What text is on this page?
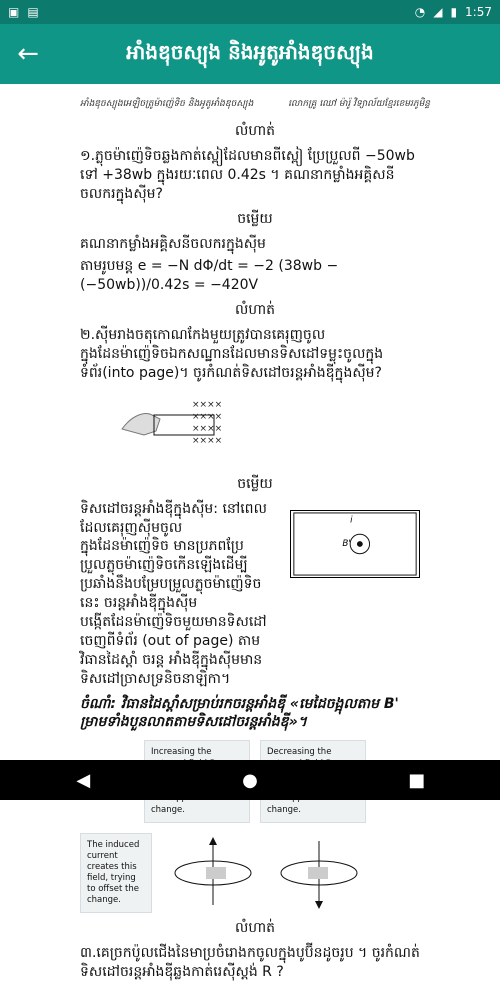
▣ ▤	◔ ◢ ▮ 1:57
←	អាំងឌុចស្យុង និងអូតូអាំងឌុចស្យុង
អាំងឌុចស្យុងអេឡិចត្រូម៉ាញ៉េទិច និងអូតូអាំងឌុចស្យុង	លោកគ្រូ ឈៅ ម៉ារ៉ូ វិទ្យាល័យខ្មែរខេមរភូមិន្ទ
លំហាត់
១.ភ្លុចម៉ាញ៉េទិចឆ្លងកាត់ស្ពៀដែលមានពីស្ពៀ ប្រែប្រួលពី −50wb ទៅ +38wb ក្នុងរយៈពេល 0.42s ។ គណនាកម្លាំងអគ្គិសនីចលករក្នុងស៊ីម?
ចម្លើយ
គណនាកម្លាំងអគ្គិសនីចលករក្នុងស៊ីម
តាមរូបមន្ត e = −N dΦ/dt = −2 (38wb − (−50wb))/0.42s = −420V
លំហាត់
២.ស៊ីមរាងចតុកោណកែងមួយត្រូវបានគេរុញចូលក្នុងដែនម៉ាញ៉េទិចឯកសណ្ឋានដែលមានទិសដៅទម្លុះចូលក្នុងទំព័រ(into page)។ ចូរកំណត់ទិសដៅចរន្តអាំងឌុីក្នុងស៊ីម?
××××
××××
××××
××××
ចម្លើយ
ទិសដៅចរន្តអាំងឌុីក្នុងស៊ីម: នៅពេលដែលគេរុញស៊ីមចូលក្នុងដែនម៉ាញ៉េទិច មានប្រភពប្រែប្រួលភ្លុចម៉ាញ៉េទិចកើនឡើងដើម្បីប្រឆាំងនឹងបម្រែបម្រួលភ្លុចម៉ាញ៉េទិចនេះ ចរន្តអាំងឌុីក្នុងស៊ីមបង្កើតដែនម៉ាញ៉េទិចមួយមានទិសដៅចេញពីទំព័រ (out of page) តាមវិធានដៃស្ដាំ ចរន្ត អាំងឌុីក្នុងស៊ីមមានទិសដៅច្រាសទ្រនិចនាឡិកា។
B'
i
ចំណាំ: វិធានដៃស្ដាំសម្រាប់រកចរន្តអាំងឌុី «មេដៃចង្អុលតាម B' ម្រាមទាំងបួនលាតតាមទិសដៅចរន្តអាំងឌុី»។
Increasing the change.
Decreasing the change.
The induced current creates this field, trying to offset the change.
លំហាត់
៣.គេច្រកប៉ូលជើងនៃមាប្រចំរោងកចូលក្នុងបូប៊ីនដូចរូប ។ ចូរកំណត់ទិសដៅចរន្តអាំងឌុីឆ្លងកាត់រេស៊ីស្តង់ R ?
◀	●	■
